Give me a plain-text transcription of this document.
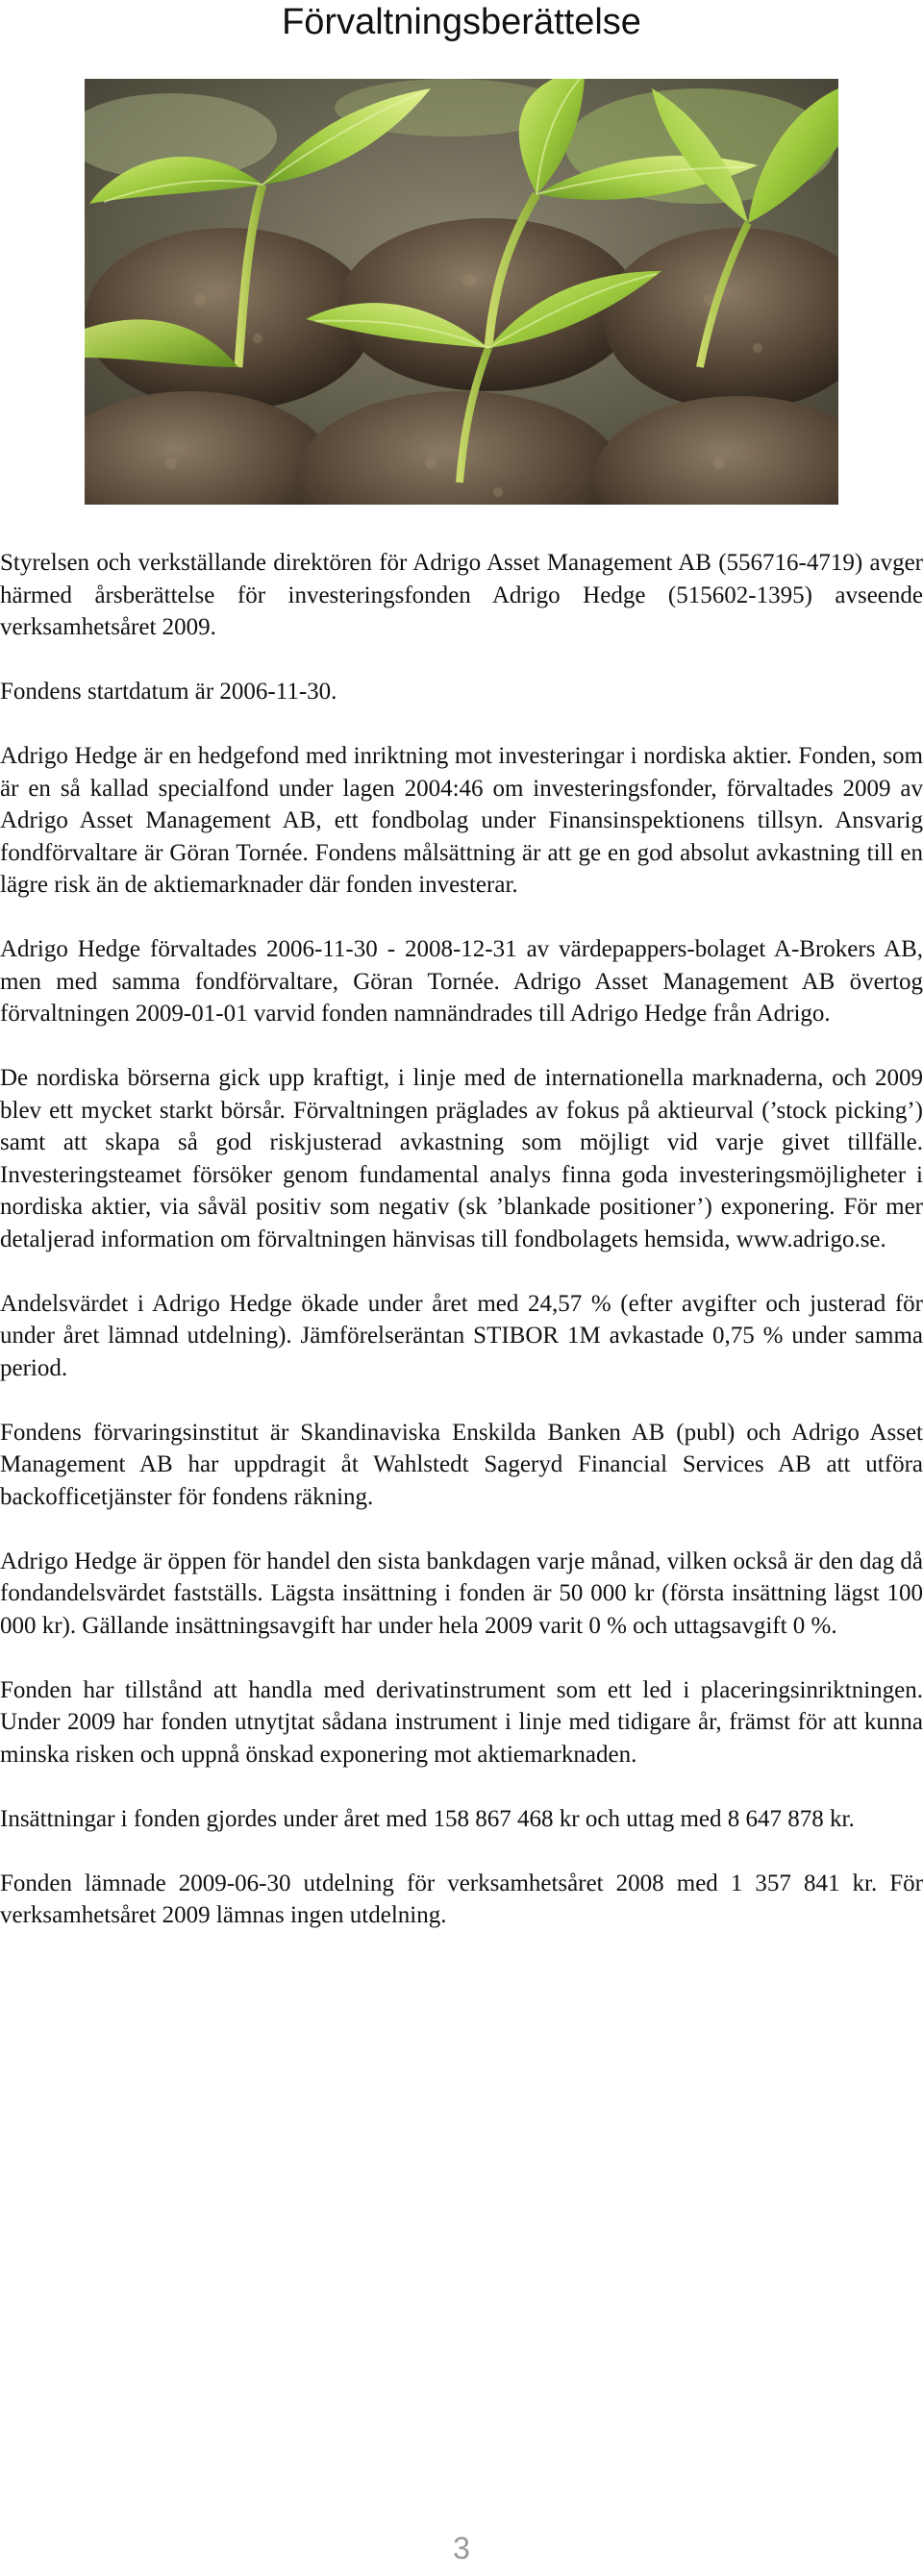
Förvaltningsberättelse

Styrelsen och verkställande direktören för Adrigo Asset Management AB (556716-4719) avger härmed årsberättelse för investeringsfonden Adrigo Hedge (515602-1395) avseende verksamhetsåret 2009.

Fondens startdatum är 2006-11-30.

Adrigo Hedge är en hedgefond med inriktning mot investeringar i nordiska aktier. Fonden, som är en så kallad specialfond under lagen 2004:46 om investeringsfonder, förvaltades 2009 av Adrigo Asset Management AB, ett fondbolag under Finansinspektionens tillsyn. Ansvarig fondförvaltare är Göran Tornée. Fondens målsättning är att ge en god absolut avkastning till en lägre risk än de aktiemarknader där fonden investerar.

Adrigo Hedge förvaltades 2006-11-30 - 2008-12-31 av värdepappers-bolaget A-Brokers AB, men med samma fondförvaltare, Göran Tornée. Adrigo Asset Management AB övertog förvaltningen 2009-01-01 varvid fonden namnändrades till Adrigo Hedge från Adrigo.

De nordiska börserna gick upp kraftigt, i linje med de internationella marknaderna, och 2009 blev ett mycket starkt börsår. Förvaltningen präglades av fokus på aktieurval (’stock picking’) samt att skapa så god riskjusterad avkastning som möjligt vid varje givet tillfälle. Investeringsteamet försöker genom fundamental analys finna goda investeringsmöjligheter i nordiska aktier, via såväl positiv som negativ (sk ’blankade positioner’) exponering. För mer detaljerad information om förvaltningen hänvisas till fondbolagets hemsida, www.adrigo.se.

Andelsvärdet i Adrigo Hedge ökade under året med 24,57 % (efter avgifter och justerad för under året lämnad utdelning). Jämförelseräntan STIBOR 1M avkastade 0,75 % under samma period.

Fondens förvaringsinstitut är Skandinaviska Enskilda Banken AB (publ) och Adrigo Asset Management AB har uppdragit åt Wahlstedt Sageryd Financial Services AB att utföra backofficetjänster för fondens räkning.

Adrigo Hedge är öppen för handel den sista bankdagen varje månad, vilken också är den dag då fondandelsvärdet fastställs. Lägsta insättning i fonden är 50 000 kr (första insättning lägst 100 000 kr). Gällande insättningsavgift har under hela 2009 varit 0 % och uttagsavgift 0 %.

Fonden har tillstånd att handla med derivatinstrument som ett led i placeringsinriktningen. Under 2009 har fonden utnytjtat sådana instrument i linje med tidigare år, främst för att kunna minska risken och uppnå önskad exponering mot aktiemarknaden.

Insättningar i fonden gjordes under året med 158 867 468 kr och uttag med 8 647 878 kr.

Fonden lämnade 2009-06-30 utdelning för verksamhetsåret 2008 med 1 357 841 kr. För verksamhetsåret 2009 lämnas ingen utdelning.

3
